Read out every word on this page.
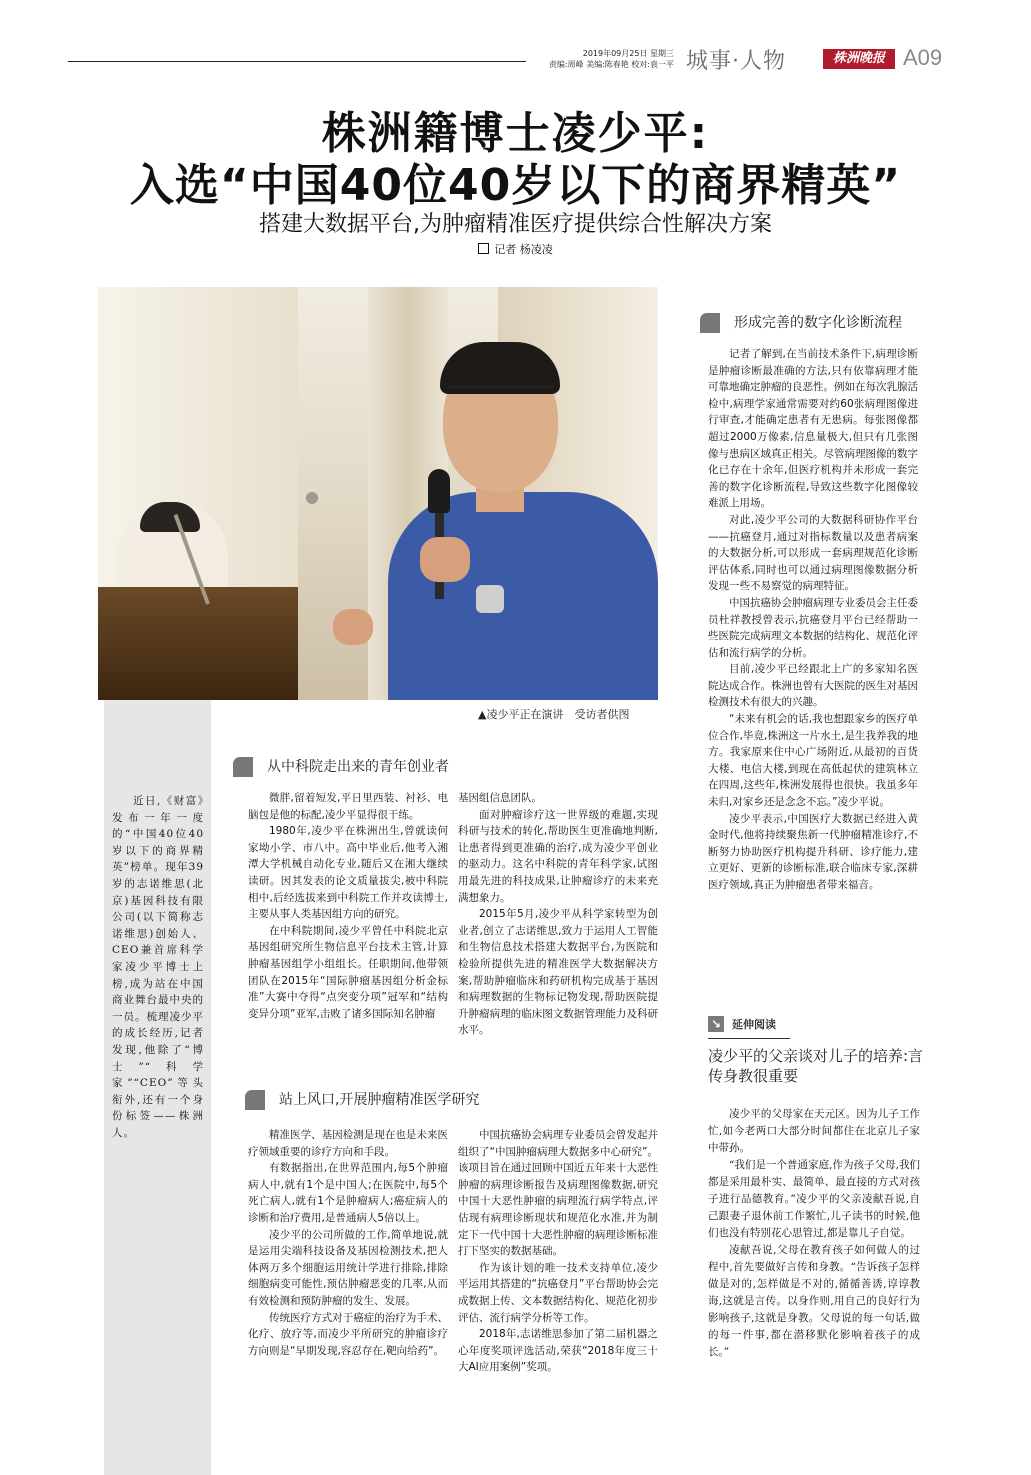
2019年09月25日 星期三
责编:周峰 美编:陈春艳 校对:袁一平 城事·人物	株洲晚报 A09
株洲籍博士凌少平:
入选“中国40位40岁以下的商界精英”
搭建大数据平台,为肿瘤精准医疗提供综合性解决方案
记者 杨凌凌
▲凌少平正在演讲　受访者供图
形成完善的数字化诊断流程

记者了解到,在当前技术条件下,病理诊断是肿瘤诊断最准确的方法,只有依靠病理才能可靠地确定肿瘤的良恶性。例如在每次乳腺活检中,病理学家通常需要对约60张病理图像进行审查,才能确定患者有无患病。每张图像都超过2000万像素,信息量极大,但只有几张图像与患病区域真正相关。尽管病理图像的数字化已存在十余年,但医疗机构并未形成一套完善的数字化诊断流程,导致这些数字化图像较难派上用场。

对此,凌少平公司的大数据科研协作平台——抗癌登月,通过对指标数量以及患者病案的大数据分析,可以形成一套病理规范化诊断评估体系,同时也可以通过病理图像数据分析发现一些不易察觉的病理特征。

中国抗癌协会肿瘤病理专业委员会主任委员杜祥教授曾表示,抗癌登月平台已经帮助一些医院完成病理文本数据的结构化、规范化评估和流行病学的分析。

目前,凌少平已经跟北上广的多家知名医院达成合作。株洲也曾有大医院的医生对基因检测技术有很大的兴趣。

“未来有机会的话,我也想跟家乡的医疗单位合作,毕竟,株洲这一片水土,是生我养我的地方。我家原来住中心广场附近,从最初的百货大楼、电信大楼,到现在高低起伏的建筑林立在四周,这些年,株洲发展得也很快。我虽多年未归,对家乡还是念念不忘。”凌少平说。

凌少平表示,中国医疗大数据已经进入黄金时代,他将持续聚焦新一代肿瘤精准诊疗,不断努力协助医疗机构提升科研、诊疗能力,建立更好、更新的诊断标准,联合临床专家,深耕医疗领域,真正为肿瘤患者带来福音。

近日,《财富》发布一年一度的“中国40位40岁以下的商界精英”榜单。现年39岁的志诺维思(北京)基因科技有限公司(以下简称志诺维思)创始人、CEO兼首席科学家凌少平博士上榜,成为站在中国商业舞台最中央的一员。梳理凌少平的成长经历,记者发现,他除了“博士”“科学家”“CEO”等头衔外,还有一个身份标签——株洲人。

从中科院走出来的青年创业者

微胖,留着短发,平日里西装、衬衫、电脑包是他的标配,凌少平显得很干练。

1980年,凌少平在株洲出生,曾就读何家坳小学、市八中。高中毕业后,他考入湘潭大学机械自动化专业,随后又在湘大继续读研。因其发表的论文质量拔尖,被中科院相中,后经选拔来到中科院工作并攻读博士,主要从事人类基因组方向的研究。

在中科院期间,凌少平曾任中科院北京基因组研究所生物信息平台技术主管,计算肿瘤基因组学小组组长。任职期间,他带领团队在2015年“国际肿瘤基因组分析金标准”大赛中夺得“点突变分项”冠军和“结构变异分项”亚军,击败了诸多国际知名肿瘤

基因组信息团队。

面对肿瘤诊疗这一世界级的难题,实现科研与技术的转化,帮助医生更准确地判断,让患者得到更准确的治疗,成为凌少平创业的驱动力。这名中科院的青年科学家,试图用最先进的科技成果,让肿瘤诊疗的未来充满想象力。

2015年5月,凌少平从科学家转型为创业者,创立了志诺维思,致力于运用人工智能和生物信息技术搭建大数据平台,为医院和检验所提供先进的精准医学大数据解决方案,帮助肿瘤临床和药研机构完成基于基因和病理数据的生物标记物发现,帮助医院提升肿瘤病理的临床图文数据管理能力及科研水平。

站上风口,开展肿瘤精准医学研究

精准医学、基因检测是现在也是未来医疗领域重要的诊疗方向和手段。

有数据指出,在世界范围内,每5个肿瘤病人中,就有1个是中国人;在医院中,每5个死亡病人,就有1个是肿瘤病人;癌症病人的诊断和治疗费用,是普通病人5倍以上。

凌少平的公司所做的工作,简单地说,就是运用尖端科技设备及基因检测技术,把人体两万多个细胞运用统计学进行排除,排除细胞病变可能性,预估肿瘤恶变的几率,从而有效检测和预防肿瘤的发生、发展。

传统医疗方式对于癌症的治疗为手术、化疗、放疗等,而凌少平所研究的肿瘤诊疗方向则是“早期发现,容忍存在,靶向给药”。

中国抗癌协会病理专业委员会曾发起并组织了“中国肿瘤病理大数据多中心研究”。该项目旨在通过回顾中国近五年来十大恶性肿瘤的病理诊断报告及病理图像数据,研究中国十大恶性肿瘤的病理流行病学特点,评估现有病理诊断现状和规范化水准,并为制定下一代中国十大恶性肿瘤的病理诊断标准打下坚实的数据基础。

作为该计划的唯一技术支持单位,凌少平运用其搭建的“抗癌登月”平台帮助协会完成数据上传、文本数据结构化、规范化初步评估、流行病学分析等工作。

2018年,志诺维思参加了第二届机器之心年度奖项评选活动,荣获“2018年度三十大AI应用案例”奖项。

↘ 延伸阅读
凌少平的父亲谈对儿子的培养:言传身教很重要

凌少平的父母家在天元区。因为儿子工作忙,如今老两口大部分时间都住在北京儿子家中带孙。

“我们是一个普通家庭,作为孩子父母,我们都是采用最朴实、最简单、最直接的方式对孩子进行品德教育。”凌少平的父亲凌献吾说,自己跟妻子退休前工作繁忙,儿子读书的时候,他们也没有特别花心思管过,都是靠儿子自觉。

凌献吾说,父母在教育孩子如何做人的过程中,首先要做好言传和身教。“告诉孩子怎样做是对的,怎样做是不对的,循循善诱,谆谆教诲,这就是言传。以身作则,用自己的良好行为影响孩子,这就是身教。父母说的每一句话,做的每一件事,都在潜移默化影响着孩子的成长。”
